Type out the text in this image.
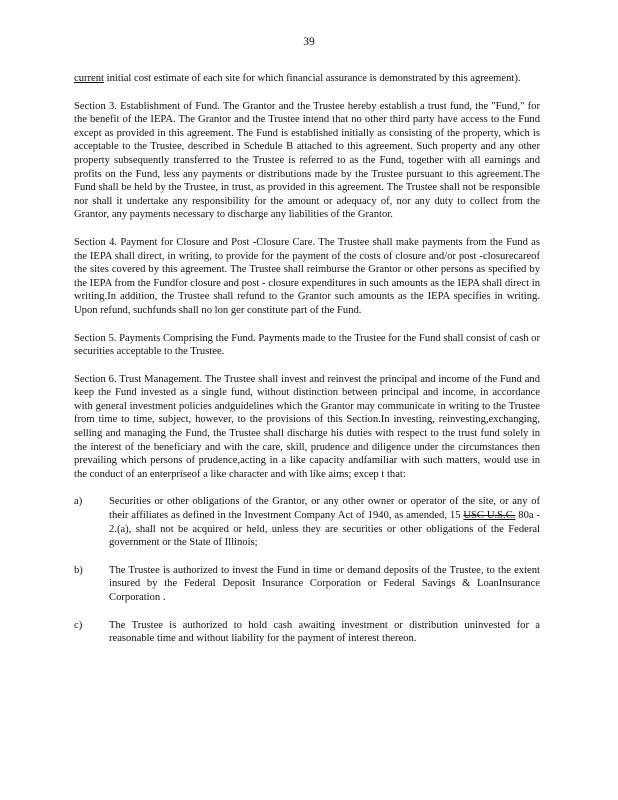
39

current initial cost estimate of each site for which financial assurance is demonstrated by this agreement).

Section 3. Establishment of Fund. The Grantor and the Trustee hereby establish a trust fund, the "Fund," for the benefit of the IEPA. The Grantor and the Trustee intend that no other third party have access to the Fund except as provided in this agreement. The Fund is established initially as consisting of the property, which is acceptable to the Trustee, described in Schedule B attached to this agreement. Such property and any other property subsequently transferred to the Trustee is referred to as the Fund, together with all earnings and profits on the Fund, less any payments or distributions made by the Trustee pursuant to this agreement.The Fund shall be held by the Trustee, in trust, as provided in this agreement. The Trustee shall not be responsible nor shall it undertake any responsibility for the amount or adequacy of, nor any duty to collect from the Grantor, any payments necessary to discharge any liabilities of the Grantor.

Section 4. Payment for Closure and Post -Closure Care. The Trustee shall make payments from the Fund as the IEPA shall direct, in writing, to provide for the payment of the costs of closure and/or post -closurecareof the sites covered by this agreement. The Trustee shall reimburse the Grantor or other persons as specified by the IEPA from the Fundfor closure and post - closure expenditures in such amounts as the IEPA shall direct in writing.In addition, the Trustee shall refund to the Grantor such amounts as the IEPA specifies in writing. Upon refund, suchfunds shall no lon ger constitute part of the Fund.

Section 5. Payments Comprising the Fund. Payments made to the Trustee for the Fund shall consist of cash or securities acceptable to the Trustee.

Section 6. Trust Management. The Trustee shall invest and reinvest the principal and income of the Fund and keep the Fund invested as a single fund, without distinction between principal and income, in accordance with general investment policies andguidelines which the Grantor may communicate in writing to the Trustee from time to time, subject, however, to the provisions of this Section.In investing, reinvesting,exchanging, selling and managing the Fund, the Trustee shall discharge his duties with respect to the trust fund solely in the interest of the beneficiary and with the care, skill, prudence and diligence under the circumstances then prevailing which persons of prudence,acting in a like capacity andfamiliar with such matters, would use in the conduct of an enterpriseof a like character and with like aims; excep t that:

a)	Securities or other obligations of the Grantor, or any other owner or operator of the site, or any of their affiliates as defined in the Investment Company Act of 1940, as amended, 15 USC U.S.C. 80a - 2.(a), shall not be acquired or held, unless they are securities or other obligations of the Federal government or the State of Illinois;
b) The Trustee is authorized to invest the Fund in time or demand deposits of the Trustee, to the extent insured by the Federal Deposit Insurance Corporation or Federal Savings & LoanInsurance Corporation .
c)	The Trustee is authorized to hold cash awaiting investment or distribution uninvested for a reasonable time and without liability for the payment of interest thereon.
